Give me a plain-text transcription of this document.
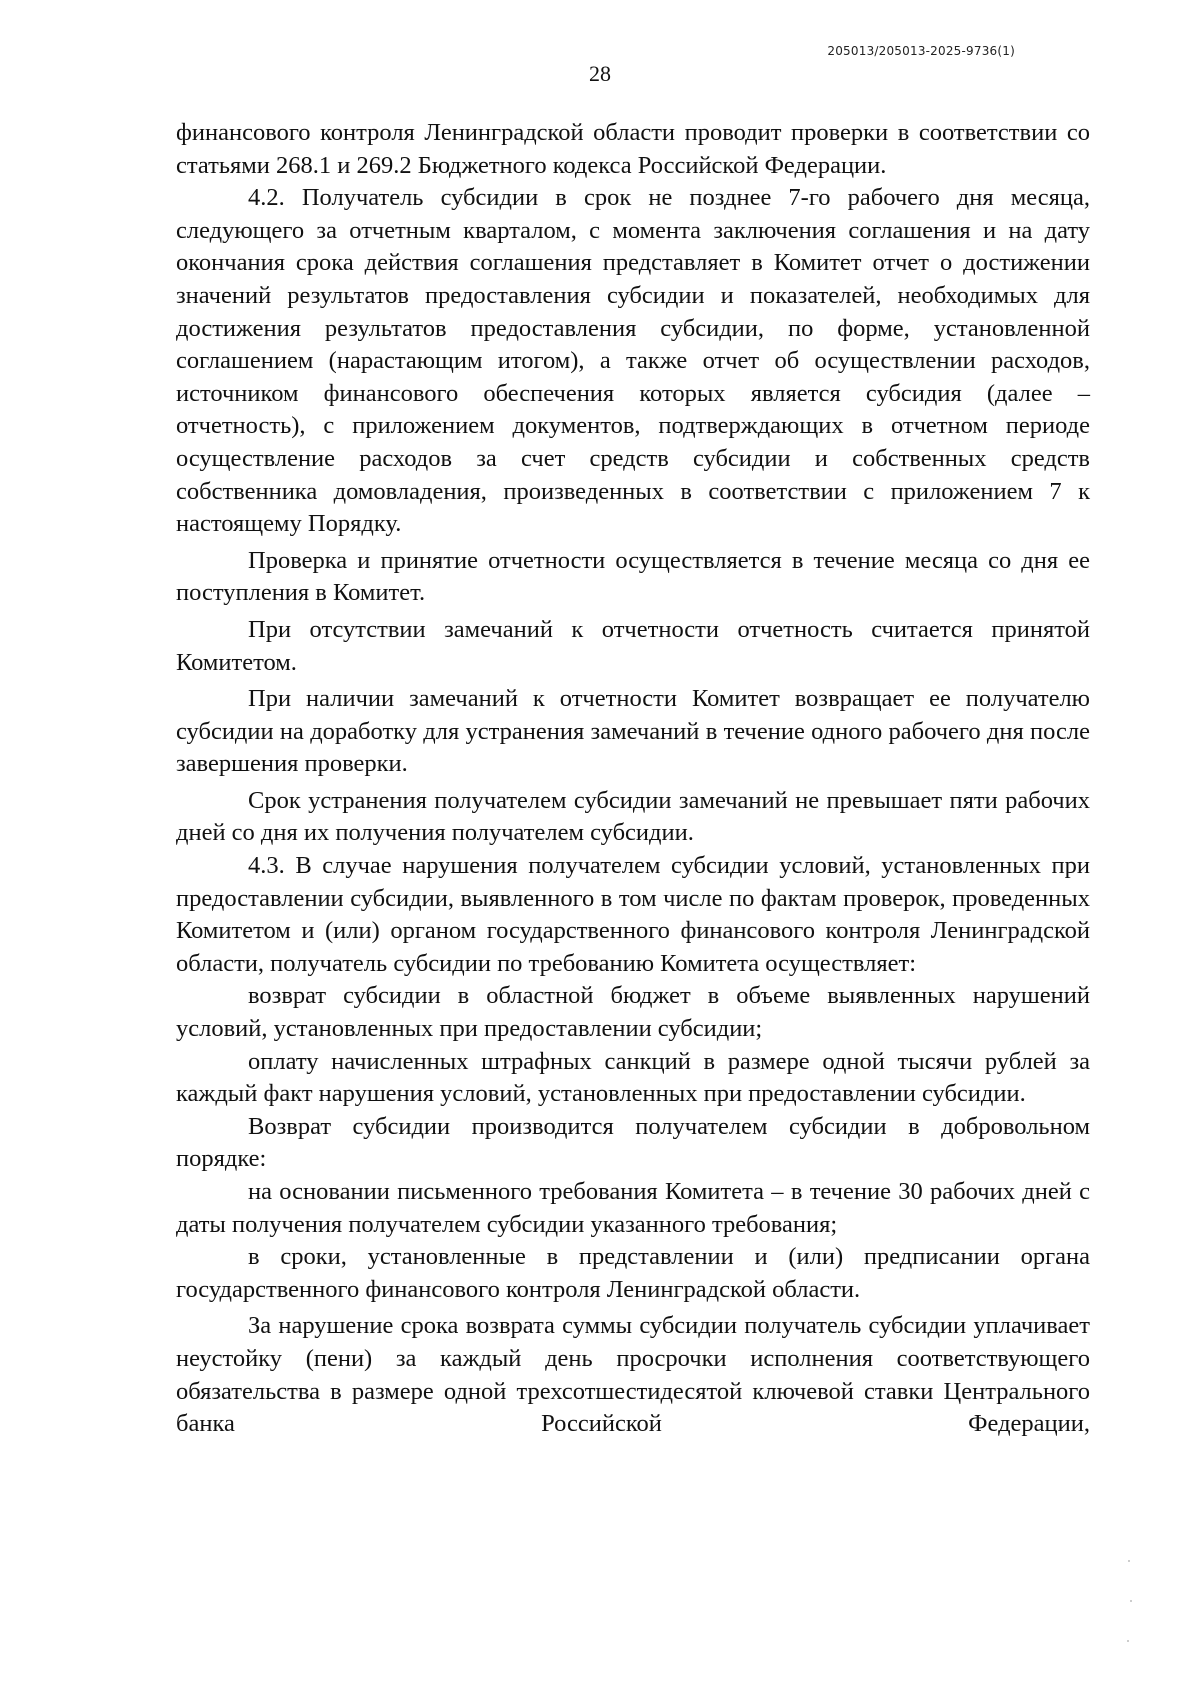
205013/205013-2025-9736(1)
28

финансового контроля Ленинградской области проводит проверки в соответствии со статьями 268.1 и 269.2 Бюджетного кодекса Российской Федерации.

4.2. Получатель субсидии в срок не позднее 7-го рабочего дня месяца, следующего за отчетным кварталом, с момента заключения соглашения и на дату окончания срока действия соглашения представляет в Комитет отчет о достижении значений результатов предоставления субсидии и показателей, необходимых для достижения результатов предоставления субсидии, по форме, установленной соглашением (нарастающим итогом), а также отчет об осуществлении расходов, источником финансового обеспечения которых является субсидия (далее – отчетность), с приложением документов, подтверждающих в отчетном периоде осуществление расходов за счет средств субсидии и собственных средств собственника домовладения, произведенных в соответствии с приложением 7 к настоящему Порядку.

Проверка и принятие отчетности осуществляется в течение месяца со дня ее поступления в Комитет.

При отсутствии замечаний к отчетности отчетность считается принятой Комитетом.

При наличии замечаний к отчетности Комитет возвращает ее получателю субсидии на доработку для устранения замечаний в течение одного рабочего дня после завершения проверки.

Срок устранения получателем субсидии замечаний не превышает пяти рабочих дней со дня их получения получателем субсидии.

4.3. В случае нарушения получателем субсидии условий, установленных при предоставлении субсидии, выявленного в том числе по фактам проверок, проведенных Комитетом и (или) органом государственного финансового контроля Ленинградской области, получатель субсидии по требованию Комитета осуществляет:

возврат субсидии в областной бюджет в объеме выявленных нарушений условий, установленных при предоставлении субсидии;

оплату начисленных штрафных санкций в размере одной тысячи рублей за каждый факт нарушения условий, установленных при предоставлении субсидии.

Возврат субсидии производится получателем субсидии в добровольном порядке:

на основании письменного требования Комитета – в течение 30 рабочих дней с даты получения получателем субсидии указанного требования;

в сроки, установленные в представлении и (или) предписании органа государственного финансового контроля Ленинградской области.

За нарушение срока возврата суммы субсидии получатель субсидии уплачивает неустойку (пени) за каждый день просрочки исполнения соответствующего обязательства в размере одной трехсотшестидесятой ключевой ставки Центрального банка Российской Федерации,
